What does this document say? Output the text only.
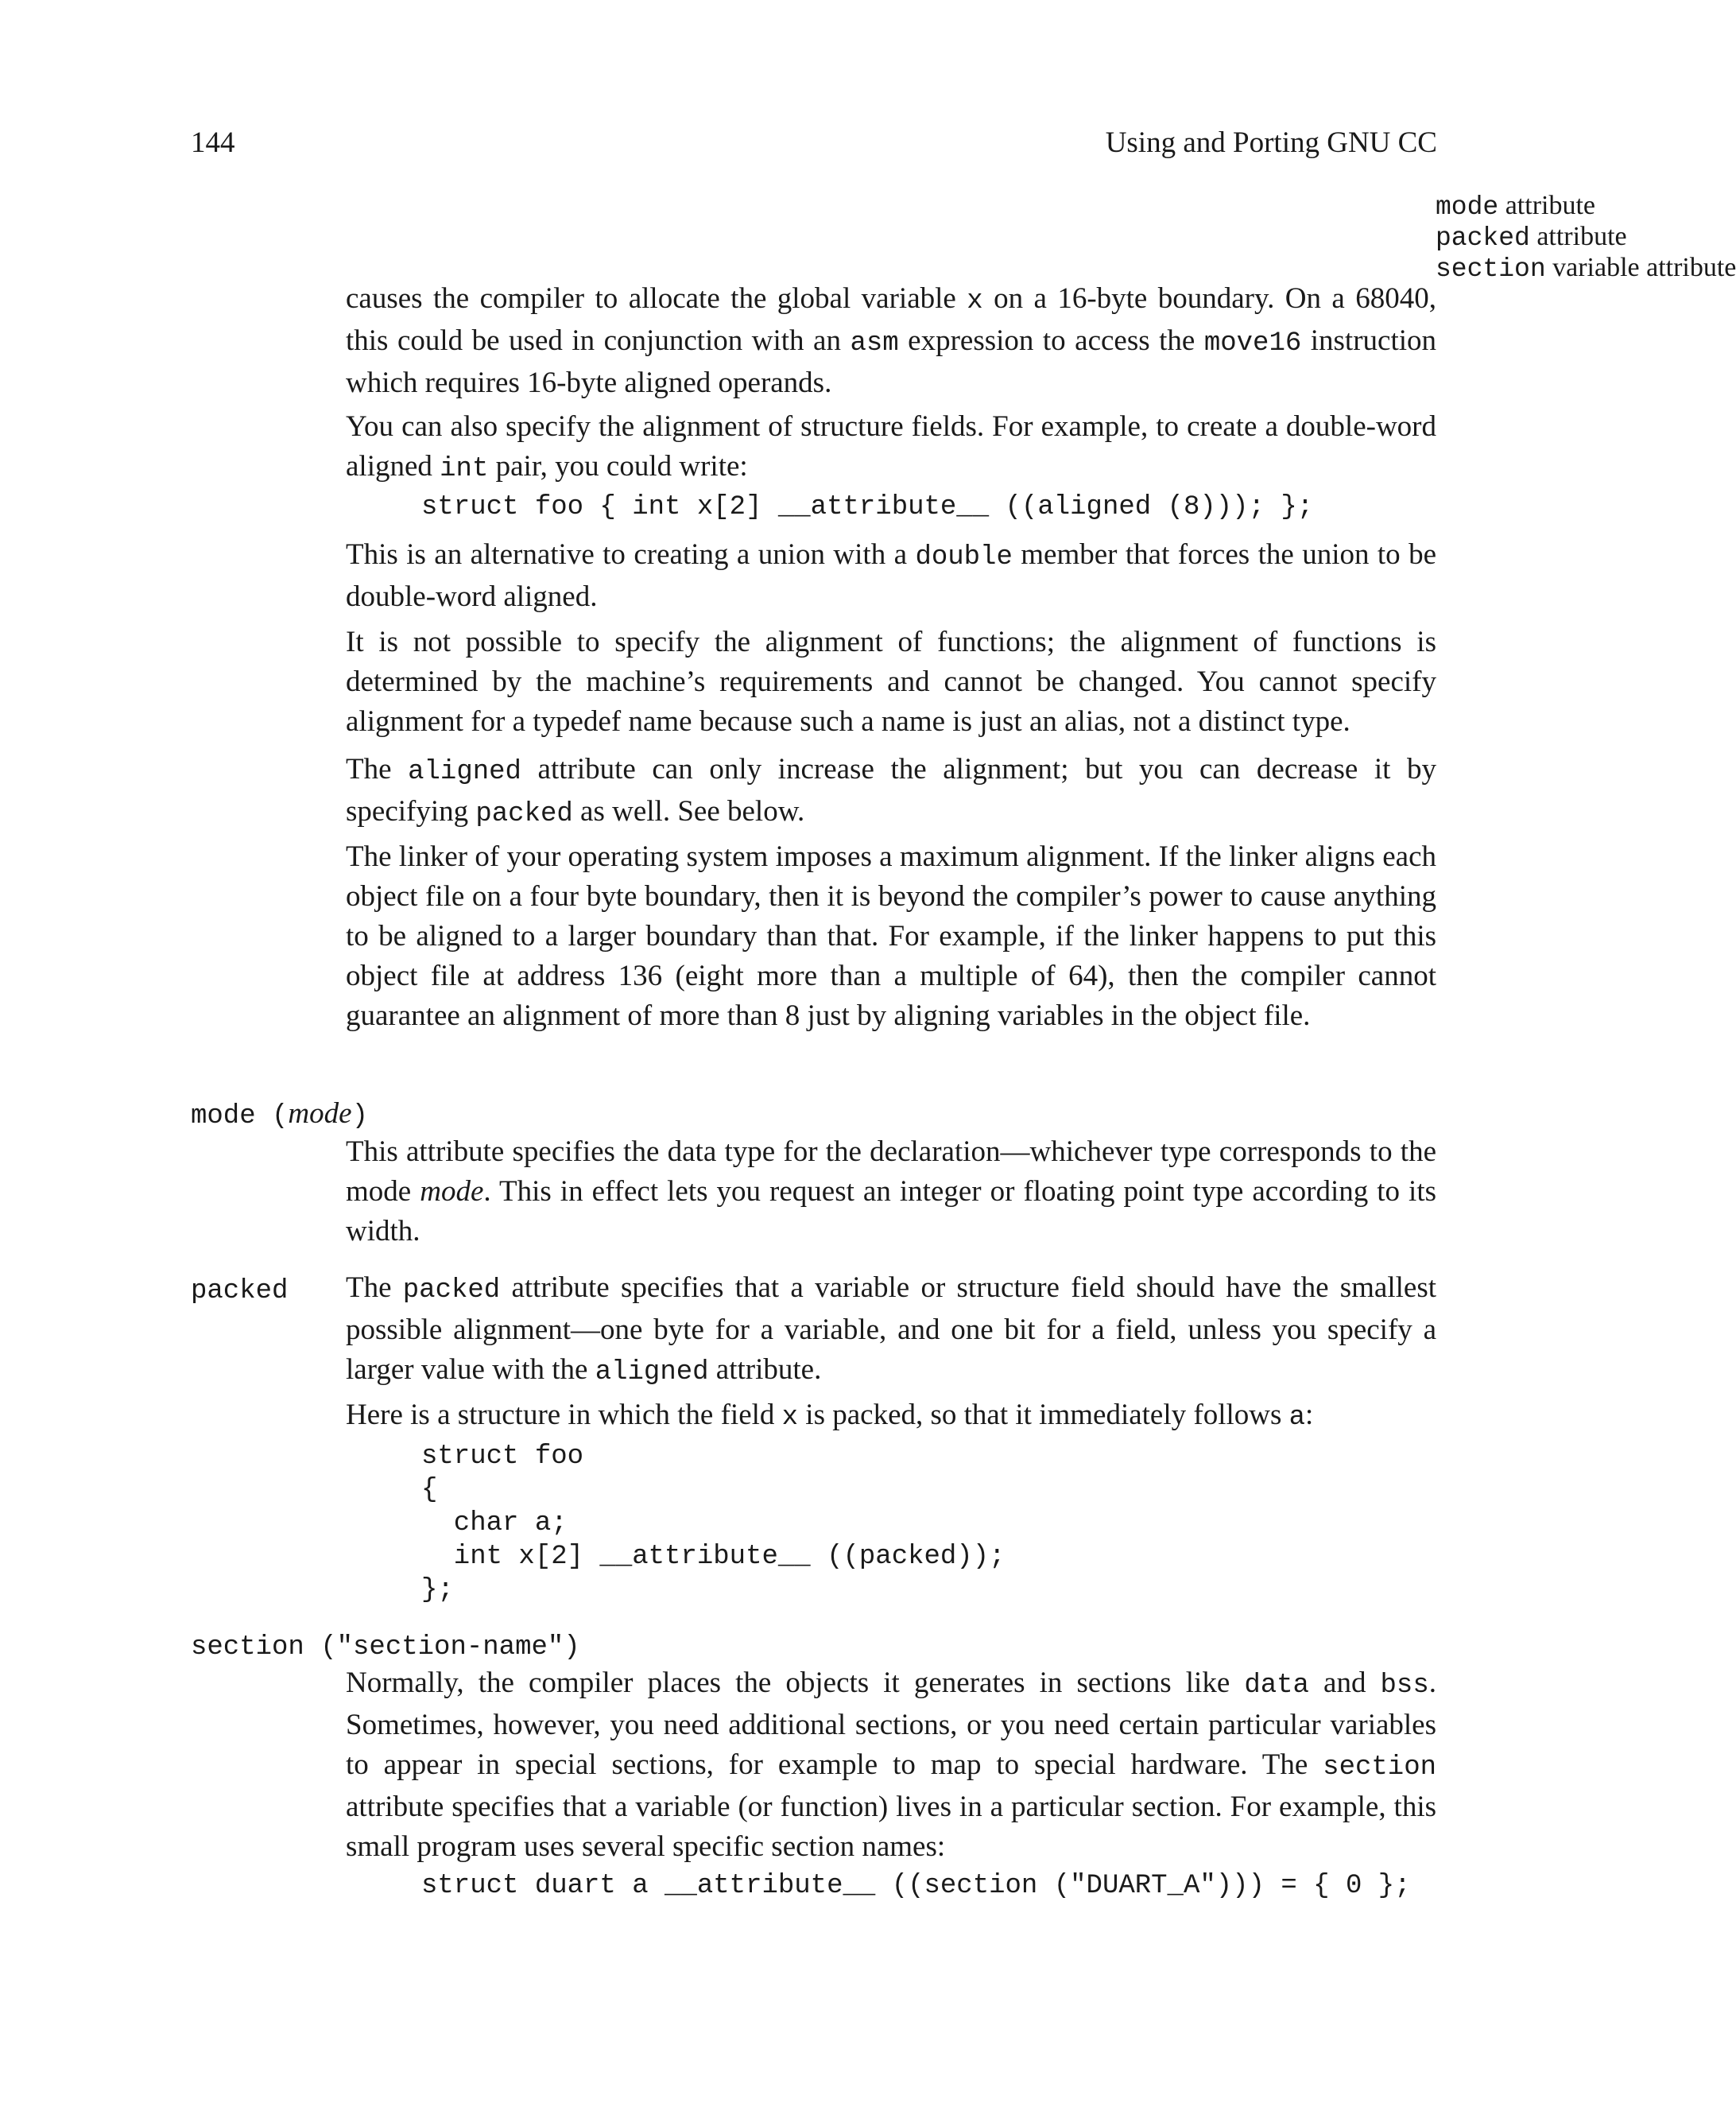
144	Using and Porting GNU CC
mode attribute
packed attribute
section variable attribute

causes the compiler to allocate the global variable x on a 16-byte boundary. On a 68040, this could be used in conjunction with an asm expression to access the move16 instruction which requires 16-byte aligned operands.

You can also specify the alignment of structure fields. For example, to create a double-word aligned int pair, you could write:

struct foo { int x[2] __attribute__ ((aligned (8))); };

This is an alternative to creating a union with a double member that forces the union to be double-word aligned.

It is not possible to specify the alignment of functions; the alignment of functions is determined by the machine’s requirements and cannot be changed. You cannot specify alignment for a typedef name because such a name is just an alias, not a distinct type.

The aligned attribute can only increase the alignment; but you can decrease it by specifying packed as well. See below.

The linker of your operating system imposes a maximum alignment. If the linker aligns each object file on a four byte boundary, then it is beyond the compiler’s power to cause anything to be aligned to a larger boundary than that. For example, if the linker happens to put this object file at address 136 (eight more than a multiple of 64), then the compiler cannot guarantee an alignment of more than 8 just by aligning variables in the object file.

mode (mode)

This attribute specifies the data type for the declaration—whichever type corresponds to the mode mode. This in effect lets you request an integer or floating point type according to its width.

packed The packed attribute specifies that a variable or structure field should have the smallest possible alignment—one byte for a variable, and one bit for a field, unless you specify a larger value with the aligned attribute.

Here is a structure in which the field x is packed, so that it immediately follows a:

struct foo
{
char a;
int x[2] __attribute__ ((packed));
};
section ("section-name")

Normally, the compiler places the objects it generates in sections like data and bss. Sometimes, however, you need additional sections, or you need certain particular variables to appear in special sections, for example to map to special hardware. The section attribute specifies that a variable (or function) lives in a particular section. For example, this small program uses several specific section names:

struct duart a __attribute__ ((section ("DUART_A"))) = { 0 };
